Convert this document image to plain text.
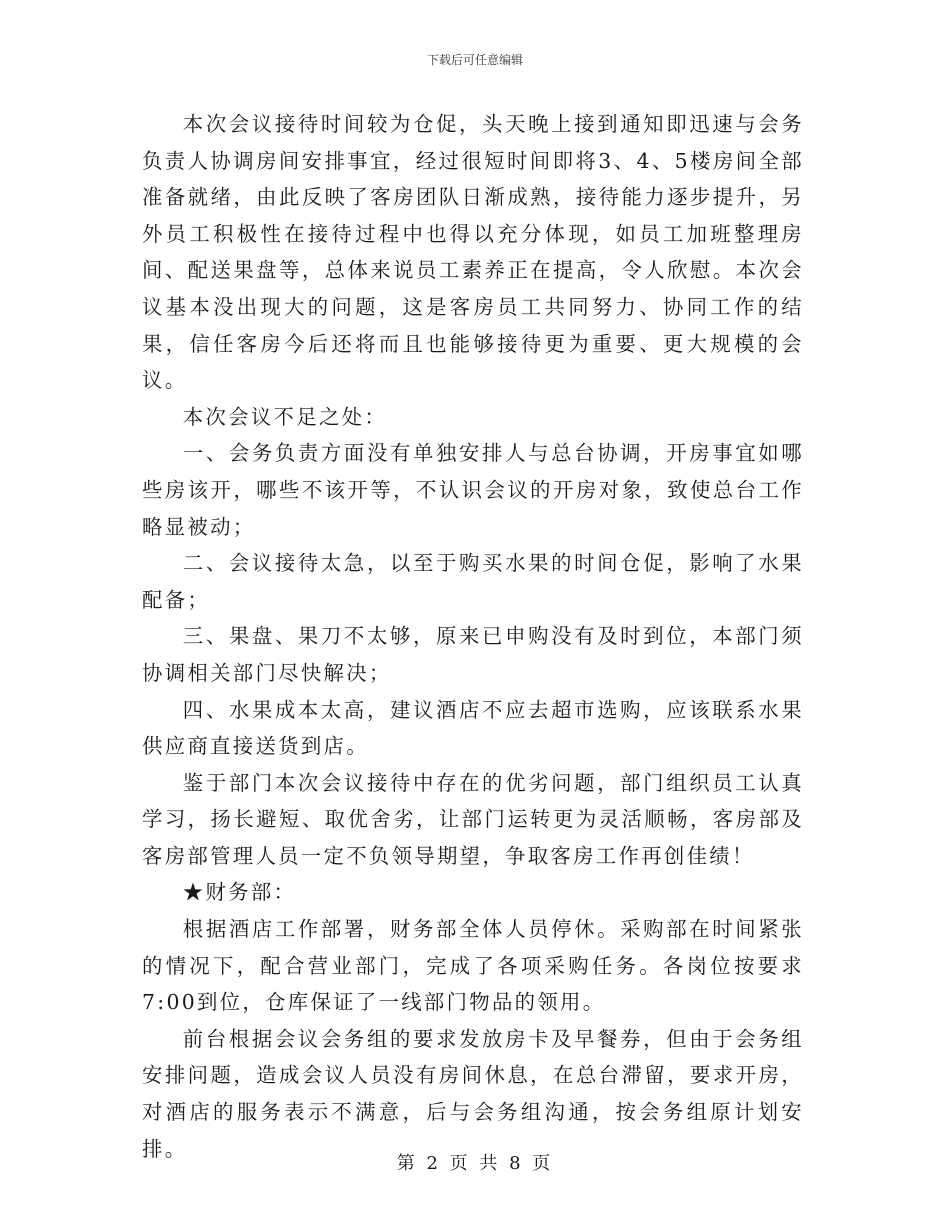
下载后可任意编辑

本次会议接待时间较为仓促，头天晚上接到通知即迅速与会务负责人协调房间安排事宜，经过很短时间即将3、4、5楼房间全部准备就绪，由此反映了客房团队日渐成熟，接待能力逐步提升，另外员工积极性在接待过程中也得以充分体现，如员工加班整理房间、配送果盘等，总体来说员工素养正在提高，令人欣慰。本次会议基本没出现大的问题，这是客房员工共同努力、协同工作的结果，信任客房今后还将而且也能够接待更为重要、更大规模的会议。

本次会议不足之处：

一、会务负责方面没有单独安排人与总台协调，开房事宜如哪些房该开，哪些不该开等，不认识会议的开房对象，致使总台工作略显被动；

二、会议接待太急，以至于购买水果的时间仓促，影响了水果配备；

三、果盘、果刀不太够，原来已申购没有及时到位，本部门须协调相关部门尽快解决；

四、水果成本太高，建议酒店不应去超市选购，应该联系水果供应商直接送货到店。

鉴于部门本次会议接待中存在的优劣问题，部门组织员工认真学习，扬长避短、取优舍劣，让部门运转更为灵活顺畅，客房部及客房部管理人员一定不负领导期望，争取客房工作再创佳绩！

★财务部：

根据酒店工作部署，财务部全体人员停休。采购部在时间紧张的情况下，配合营业部门，完成了各项采购任务。各岗位按要求7:00到位，仓库保证了一线部门物品的领用。

前台根据会议会务组的要求发放房卡及早餐券，但由于会务组安排问题，造成会议人员没有房间休息，在总台滞留，要求开房，对酒店的服务表示不满意，后与会务组沟通，按会务组原计划安排。

第 2 页 共 8 页
